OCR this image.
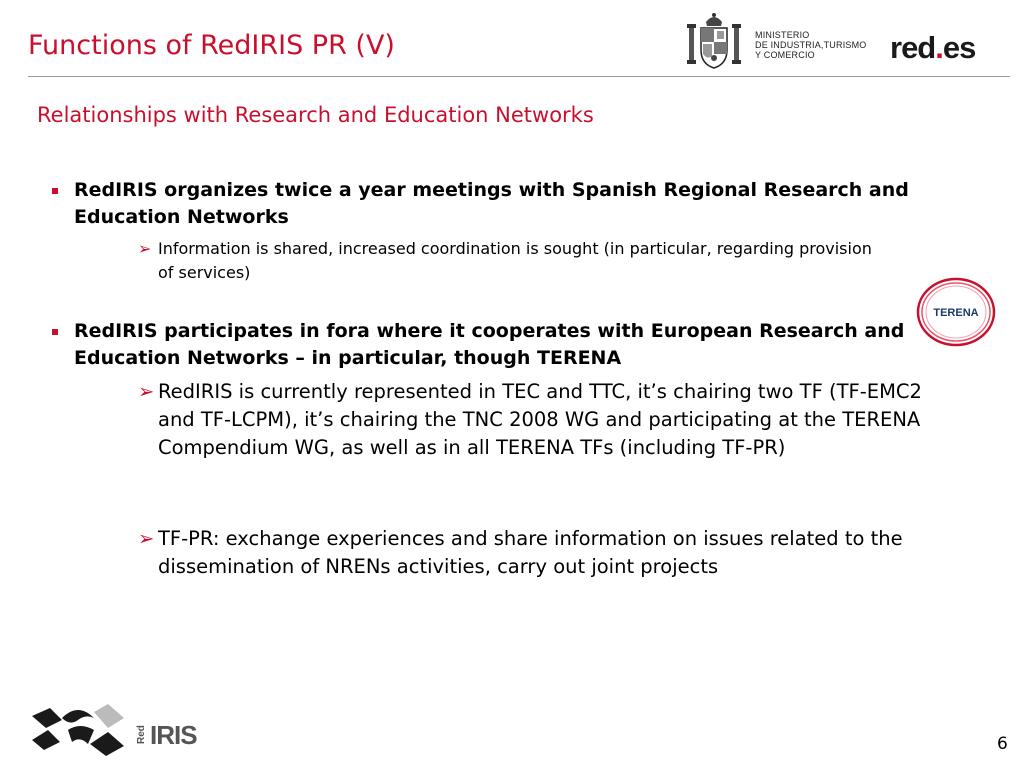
Functions of RedIRIS PR (V)	MINISTERIO
DE INDUSTRIA,TURISMO
Y COMERCIO	red.es
Relationships with Research and Education Networks
RedIRIS organizes twice a year meetings with Spanish Regional Research and Education Networks
➢ Information is shared, increased coordination is sought (in particular, regarding provision of services)
RedIRIS participates in fora where it cooperates with European Research and Education Networks – in particular, though TERENA
➢ RedIRIS is currently represented in TEC and TTC, it’s chairing two TF (TF-EMC2 and TF-LCPM), it’s chairing the TNC 2008 WG and participating at the TERENA Compendium WG, as well as in all TERENA TFs (including TF-PR)
➢ TF-PR: exchange experiences and share information on issues related to the dissemination of NRENs activities, carry out joint projects
TERENA
Red IRIS	6
